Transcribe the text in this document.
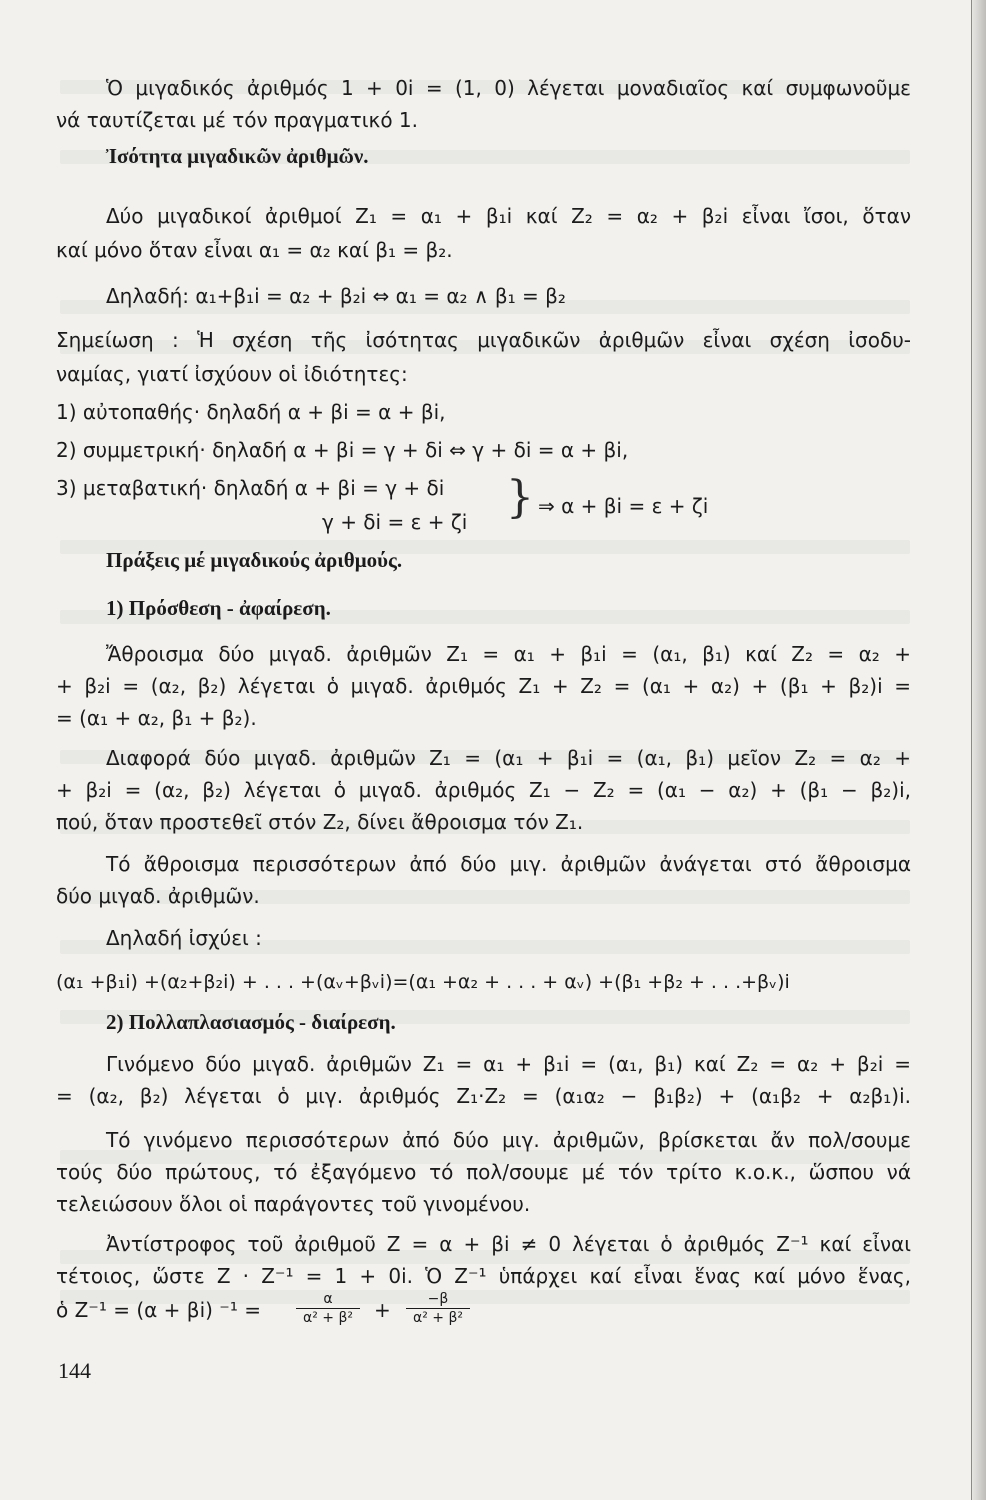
Ὁ μιγαδικός ἀριθμός 1 + 0i = (1, 0) λέγεται μοναδιαῖος καί συμφωνοῦμε
νά ταυτίζεται μέ τόν πραγματικό 1.
Ἰσότητα μιγαδικῶν ἀριθμῶν.
Δύο μιγαδικοί ἀριθμοί Z₁ = α₁ + β₁i καί Z₂ = α₂ + β₂i εἶναι ἴσοι, ὅταν
καί μόνο ὅταν εἶναι α₁ = α₂ καί β₁ = β₂.
Δηλαδή: α₁+β₁i = α₂ + β₂i ⇔ α₁ = α₂ ∧ β₁ = β₂
Σημείωση : Ἡ σχέση τῆς ἰσότητας μιγαδικῶν ἀριθμῶν εἶναι σχέση ἰσοδυ-
ναμίας, γιατί ἰσχύουν οἱ ἰδιότητες:
1) αὐτοπαθής· δηλαδή α + βi = α + βi,
2) συμμετρική· δηλαδή α + βi = γ + δi ⇔ γ + δi = α + βi,
3) μεταβατική· δηλαδή α + βi = γ + δi
γ + δi = ε + ζi } ⇒ α + βi = ε + ζi
Πράξεις μέ μιγαδικούς ἀριθμούς.
1) Πρόσθεση - ἀφαίρεση.
Ἄθροισμα δύο μιγαδ. ἀριθμῶν Z₁ = α₁ + β₁i = (α₁, β₁) καί Z₂ = α₂ +
+ β₂i = (α₂, β₂) λέγεται ὁ μιγαδ. ἀριθμός Z₁ + Z₂ = (α₁ + α₂) + (β₁ + β₂)i =
= (α₁ + α₂, β₁ + β₂).
Διαφορά δύο μιγαδ. ἀριθμῶν Z₁ = (α₁ + β₁i = (α₁, β₁) μεῖον Z₂ = α₂ +
+ β₂i = (α₂, β₂) λέγεται ὁ μιγαδ. ἀριθμός Z₁ − Z₂ = (α₁ − α₂) + (β₁ − β₂)i,
πού, ὅταν προστεθεῖ στόν Z₂, δίνει ἄθροισμα τόν Z₁.
Τό ἄθροισμα περισσότερων ἀπό δύο μιγ. ἀριθμῶν ἀνάγεται στό ἄθροισμα
δύο μιγαδ. ἀριθμῶν.
Δηλαδή ἰσχύει :
(α₁ +β₁i) +(α₂+β₂i) + . . . +(αᵥ+βᵥi)=(α₁ +α₂ + . . . + αᵥ) +(β₁ +β₂ + . . .+βᵥ)i
2) Πολλαπλασιασμός - διαίρεση.
Γινόμενο δύο μιγαδ. ἀριθμῶν Z₁ = α₁ + β₁i = (α₁, β₁) καί Z₂ = α₂ + β₂i =
= (α₂, β₂) λέγεται ὁ μιγ. ἀριθμός Z₁·Z₂ = (α₁α₂ − β₁β₂) + (α₁β₂ + α₂β₁)i.
Τό γινόμενο περισσότερων ἀπό δύο μιγ. ἀριθμῶν, βρίσκεται ἄν πολ/σουμε
τούς δύο πρώτους, τό ἐξαγόμενο τό πολ/σουμε μέ τόν τρίτο κ.ο.κ., ὥσπου νά
τελειώσουν ὅλοι οἱ παράγοντες τοῦ γινομένου.
Ἀντίστροφος τοῦ ἀριθμοῦ Z = α + βi ≠ 0 λέγεται ὁ ἀριθμός Z⁻¹ καί εἶναι
τέτοιος, ὥστε Z · Z⁻¹ = 1 + 0i. Ὁ Z⁻¹ ὑπάρχει καί εἶναι ἕνας καί μόνο ἕνας,
ὁ Z⁻¹ = (α + βi) ⁻¹ =	α
α² + β²	+	−β
α² + β²
144
